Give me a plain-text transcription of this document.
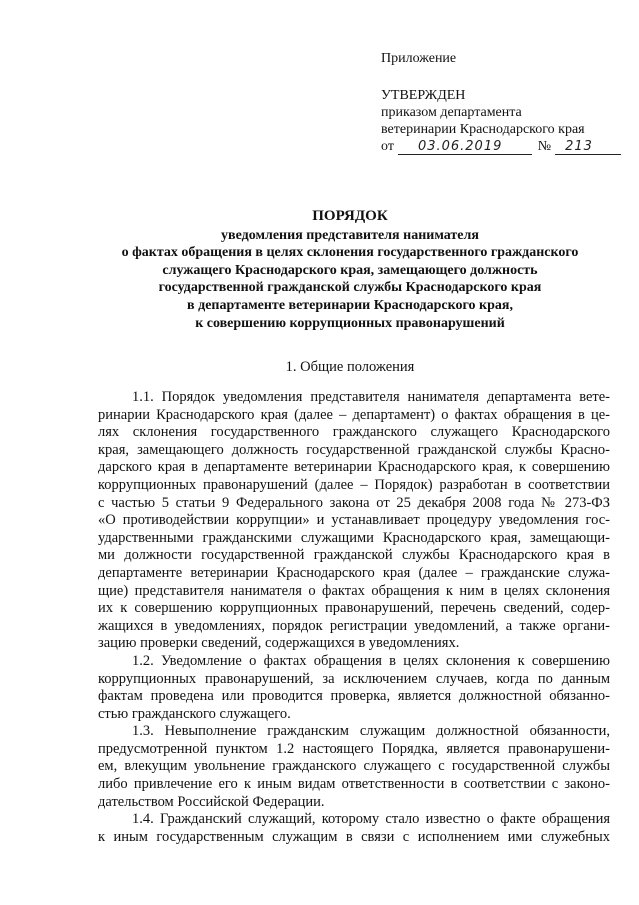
Приложение

УТВЕРЖДЕН

приказом департамента

ветеринарии Краснодарского края

от	03.06.2019	№	213
ПОРЯДОК
уведомления представителя нанимателя
о фактах обращения в целях склонения государственного гражданского
служащего Краснодарского края, замещающего должность
государственной гражданской службы Краснодарского края
в департаменте ветеринарии Краснодарского края,
к совершению коррупционных правонарушений
1. Общие положения
1.1. Порядок уведомления представителя нанимателя департамента вете-
ринарии Краснодарского края (далее – департамент) о фактах обращения в це-
лях склонения государственного гражданского служащего Краснодарского
края, замещающего должность государственной гражданской службы Красно-
дарского края в департаменте ветеринарии Краснодарского края, к совершению
коррупционных правонарушений (далее – Порядок) разработан в соответствии
с частью 5 статьи 9 Федерального закона от 25 декабря 2008 года № 273-ФЗ
«О противодействии коррупции» и устанавливает процедуру уведомления гос-
ударственными гражданскими служащими Краснодарского края, замещающи-
ми должности государственной гражданской службы Краснодарского края в
департаменте ветеринарии Краснодарского края (далее – гражданские служа-
щие) представителя нанимателя о фактах обращения к ним в целях склонения
их к совершению коррупционных правонарушений, перечень сведений, содер-
жащихся в уведомлениях, порядок регистрации уведомлений, а также органи-
зацию проверки сведений, содержащихся в уведомлениях.
1.2. Уведомление о фактах обращения в целях склонения к совершению
коррупционных правонарушений, за исключением случаев, когда по данным
фактам проведена или проводится проверка, является должностной обязанно-
стью гражданского служащего.
1.3. Невыполнение гражданским служащим должностной обязанности,
предусмотренной пунктом 1.2 настоящего Порядка, является правонарушени-
ем, влекущим увольнение гражданского служащего с государственной службы
либо привлечение его к иным видам ответственности в соответствии с законо-
дательством Российской Федерации.
1.4. Гражданский служащий, которому стало известно о факте обращения
к иным государственным служащим в связи с исполнением ими служебных
